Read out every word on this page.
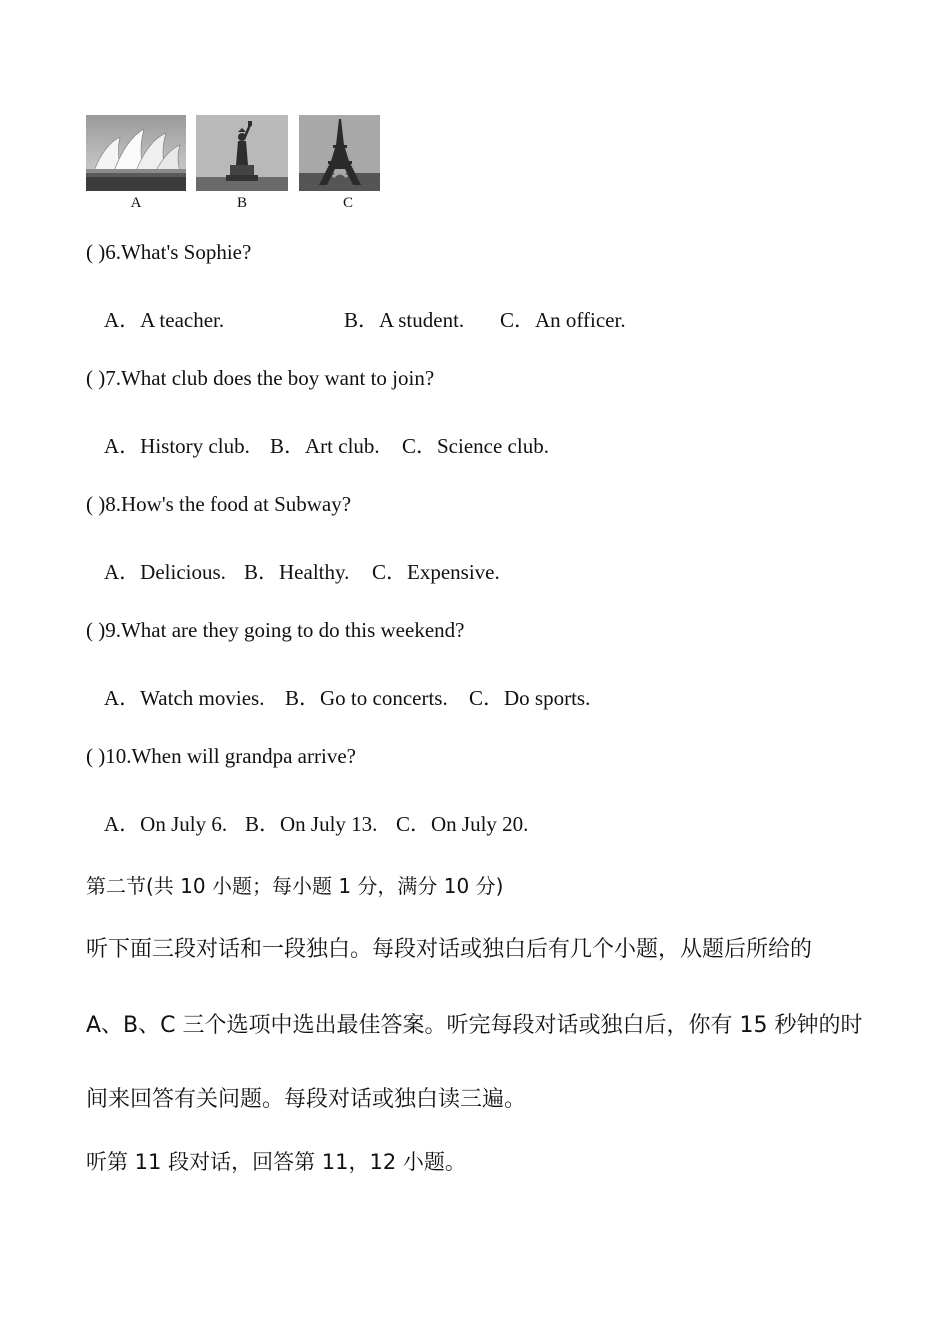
A	B	C
( )6.What's Sophie?
A．A teacher.	B．A student. C．An officer.
( )7.What club does the boy want to join?
A．History club. B．Art club. C．Science club.
( )8.How's the food at Subway?
A．Delicious. B．Healthy. C．Expensive.
( )9.What are they going to do this weekend?
A．Watch movies. B．Go to concerts. C．Do sports.
( )10.When will grandpa arrive?
A．On July 6. B．On July 13. C．On July 20.
第二节(共 10 小题；每小题 1 分，满分 10 分)
听下面三段对话和一段独白。每段对话或独白后有几个小题，从题后所给的
A、B、C 三个选项中选出最佳答案。听完每段对话或独白后，你有 15 秒钟的时
间来回答有关问题。每段对话或独白读三遍。
听第 11 段对话，回答第 11，12 小题。
